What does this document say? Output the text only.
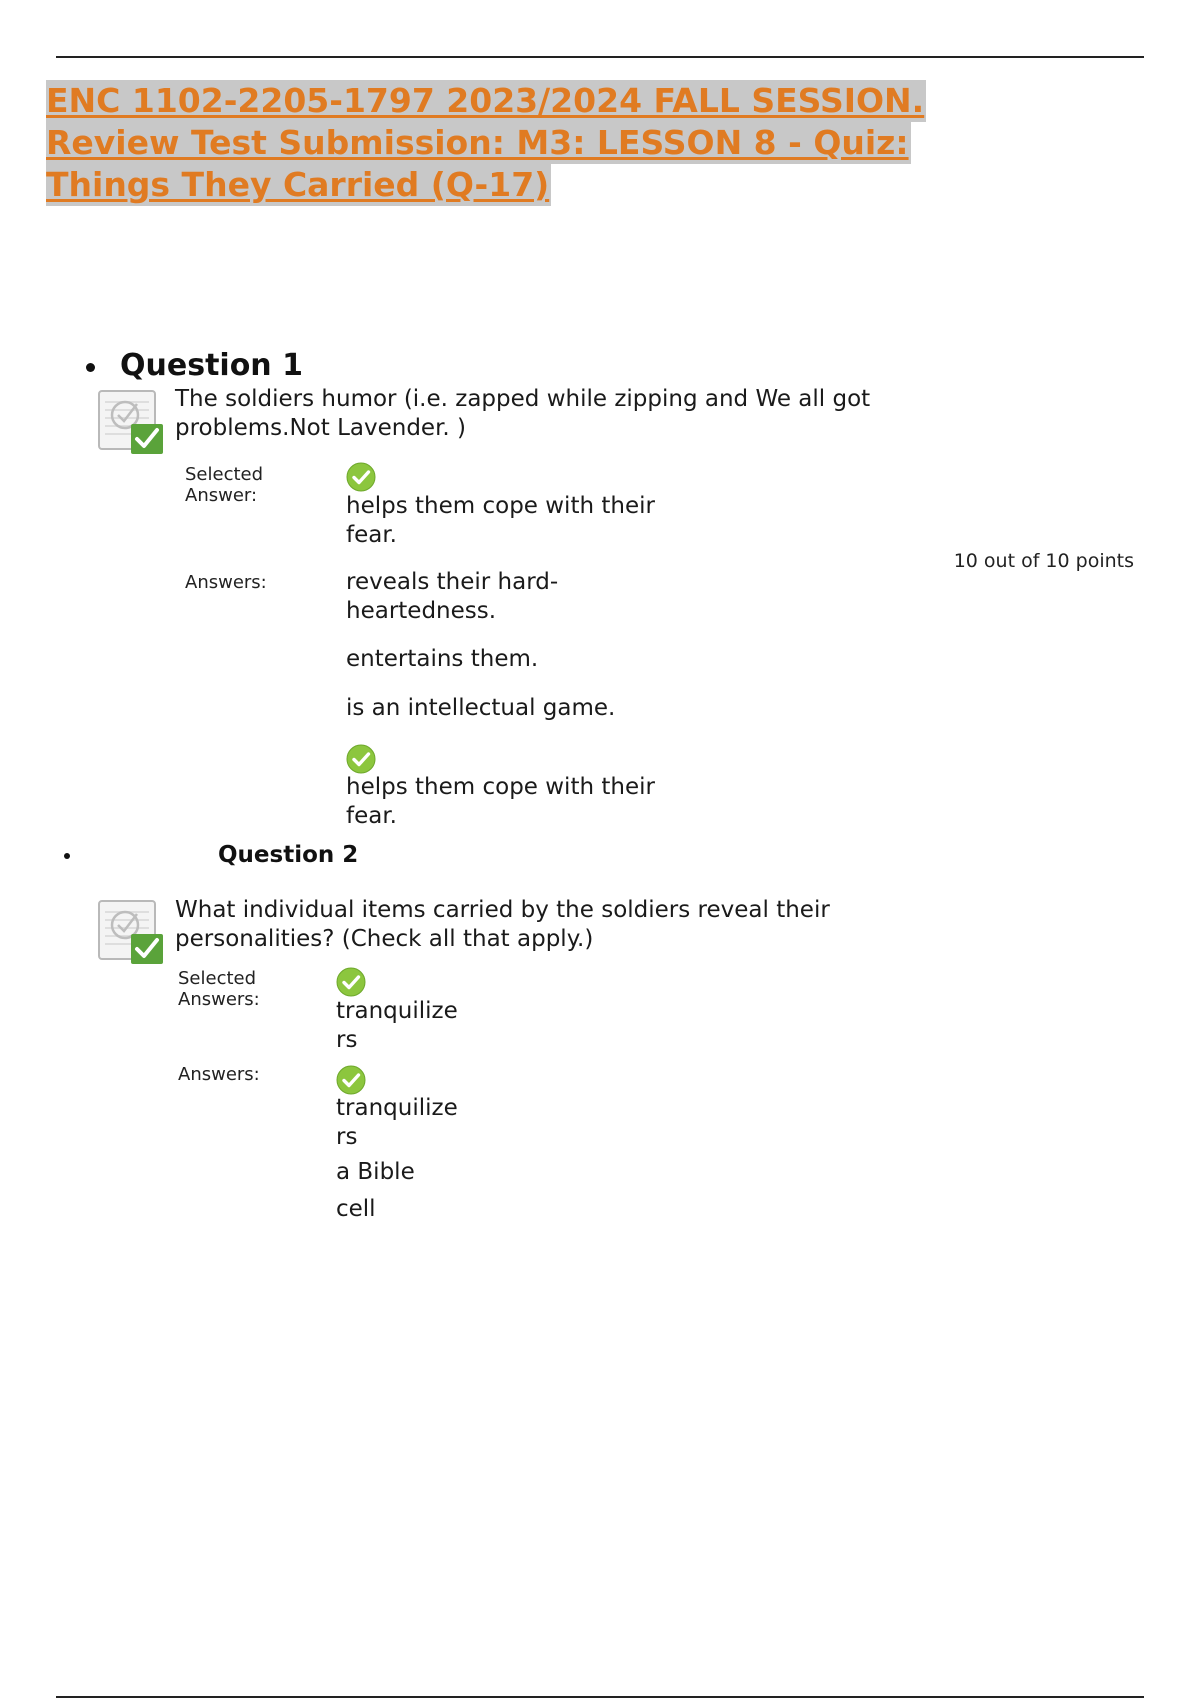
ENC 1102-2205-1797 2023/2024 FALL SESSION.
Review Test Submission: M3: LESSON 8 - Quiz:
Things They Carried (Q-17)
Question 1
The soldiers humor (i.e. zapped while zipping and We all got
problems.Not Lavender. )
Selected
Answer:	helps them cope with their
fear.
10 out of 10 points
Answers:	reveals their hard-
heartedness.
entertains them.
is an intellectual game.
helps them cope with their
fear.
Question 2
What individual items carried by the soldiers reveal their
personalities? (Check all that apply.)
Selected
Answers:	tranquilize
rs
Answers:
tranquilize
rs
a Bible
cell
